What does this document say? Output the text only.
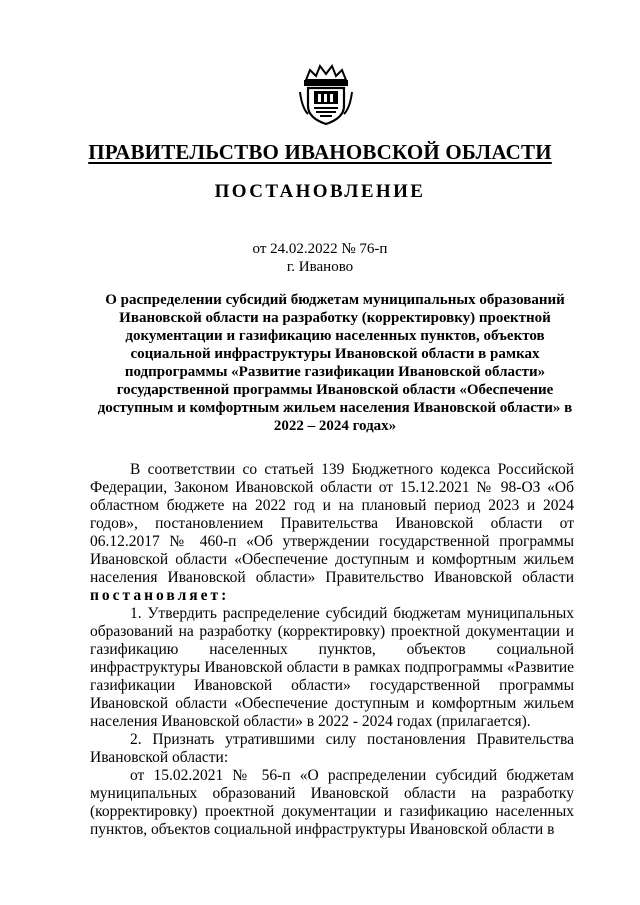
ПРАВИТЕЛЬСТВО ИВАНОВСКОЙ ОБЛАСТИ
ПОСТАНОВЛЕНИЕ
от 24.02.2022 № 76-п
г. Иваново
О распределении субсидий бюджетам муниципальных образований Ивановской области на разработку (корректировку) проектной документации и газификацию населенных пунктов, объектов социальной инфраструктуры Ивановской области в рамках подпрограммы «Развитие газификации Ивановской области» государственной программы Ивановской области «Обеспечение доступным и комфортным жильем населения Ивановской области» в 2022 – 2024 годах»

В соответствии со статьей 139 Бюджетного кодекса Российской Федерации, Законом Ивановской области от 15.12.2021 № 98-ОЗ «Об областном бюджете на 2022 год и на плановый период 2023 и 2024 годов», постановлением Правительства Ивановской области от 06.12.2017 № 460-п «Об утверждении государственной программы Ивановской области «Обеспечение доступным и комфортным жильем населения Ивановской области» Правительство Ивановской области постановляет:

1. Утвердить распределение субсидий бюджетам муниципальных образований на разработку (корректировку) проектной документации и газификацию населенных пунктов, объектов социальной инфраструктуры Ивановской области в рамках подпрограммы «Развитие газификации Ивановской области» государственной программы Ивановской области «Обеспечение доступным и комфортным жильем населения Ивановской области» в 2022 - 2024 годах (прилагается).

2. Признать утратившими силу постановления Правительства Ивановской области:

от 15.02.2021 № 56-п «О распределении субсидий бюджетам муниципальных образований Ивановской области на разработку (корректировку) проектной документации и газификацию населенных пунктов, объектов социальной инфраструктуры Ивановской области в
